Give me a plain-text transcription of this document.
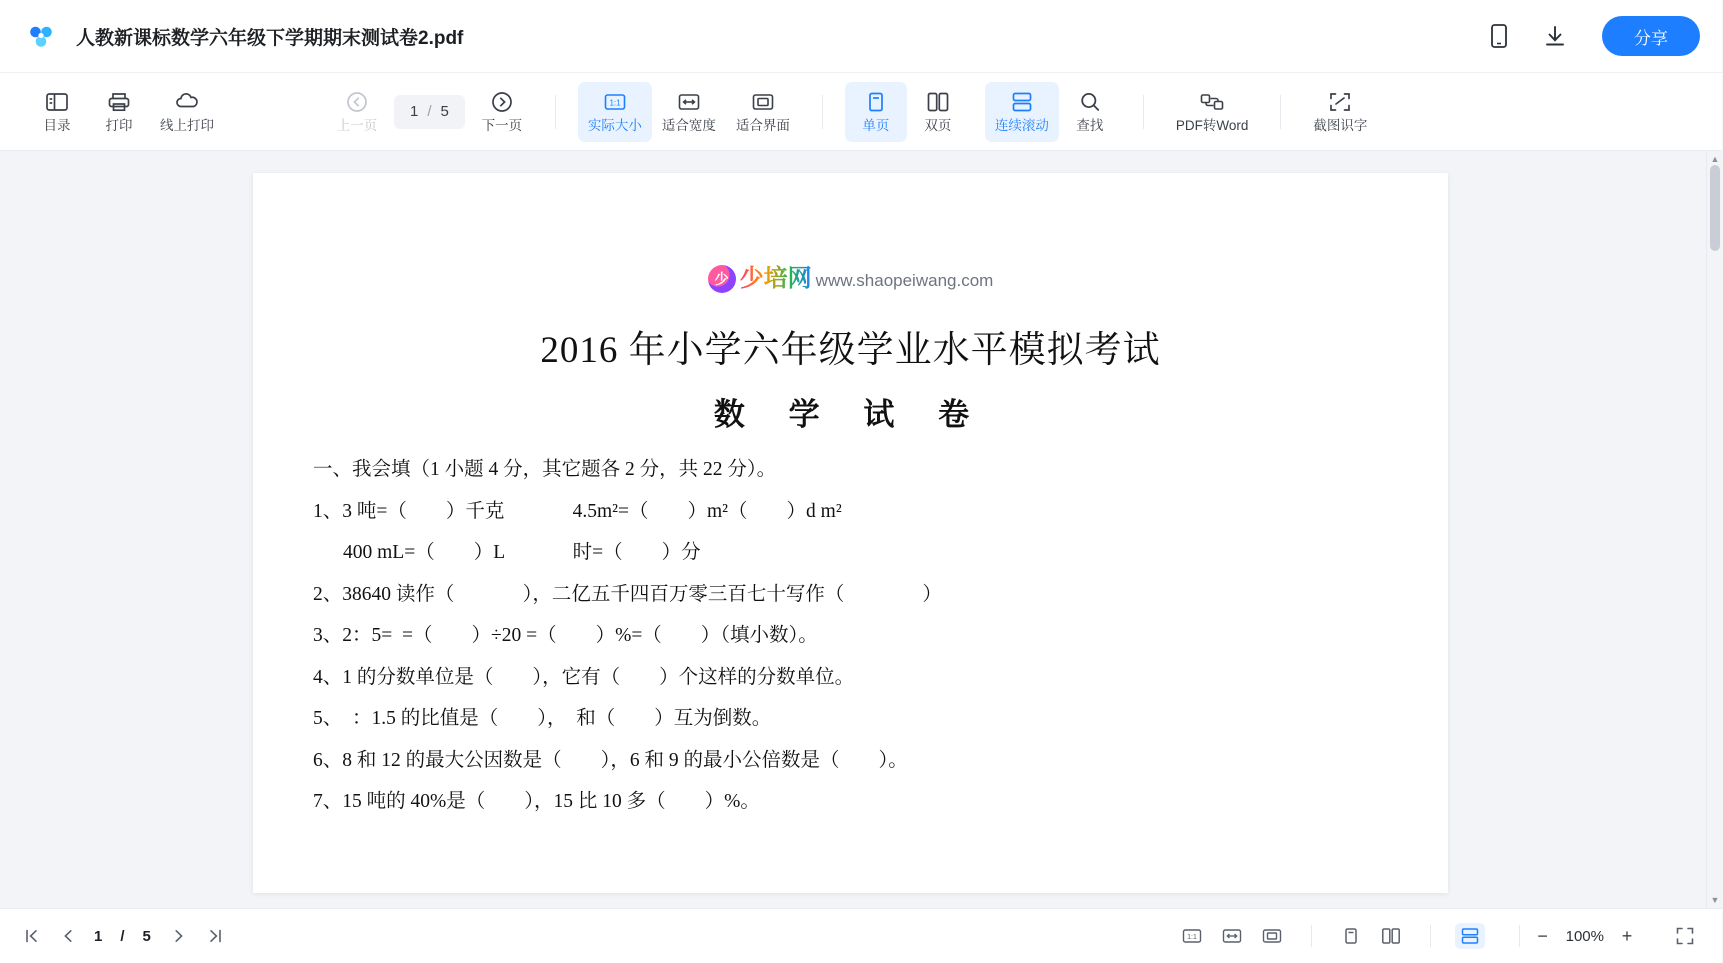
人教新课标数学六年级下学期期末测试卷2.pdf	分享
目录	打印 线上打印	上一页
1 / 5
下一页
1:1
实际大小 适合宽度 适合界面	单页	双页	连续滚动 查找	PDF转Word	截图识字
少 少培网 www.shaopeiwang.com
2016 年小学六年级学业水平模拟考试
数 学 试 卷
一、我会填（1 小题 4 分，其它题各 2 分，共 22 分）。
1、3 吨=（        ）千克              4.5m²=（        ）m²（        ）d m²
400 mL=（        ）L              时=（        ）分
2、38640 读作（              ），二亿五千四百万零三百七十写作（                ）
3、2：5=  =（        ）÷20 =（        ）%=（        ）（填小数）。
4、1 的分数单位是（        ），它有（        ）个这样的分数单位。
5、  ：1.5 的比值是（        ），  和（        ）互为倒数。
6、8 和 12 的最大公因数是（        ），6 和 9 的最小公倍数是（        ）。
7、15 吨的 40%是（        ），15 比 10 多（        ）%。
▲
▼
1 / 5	1:1	− 100% +
